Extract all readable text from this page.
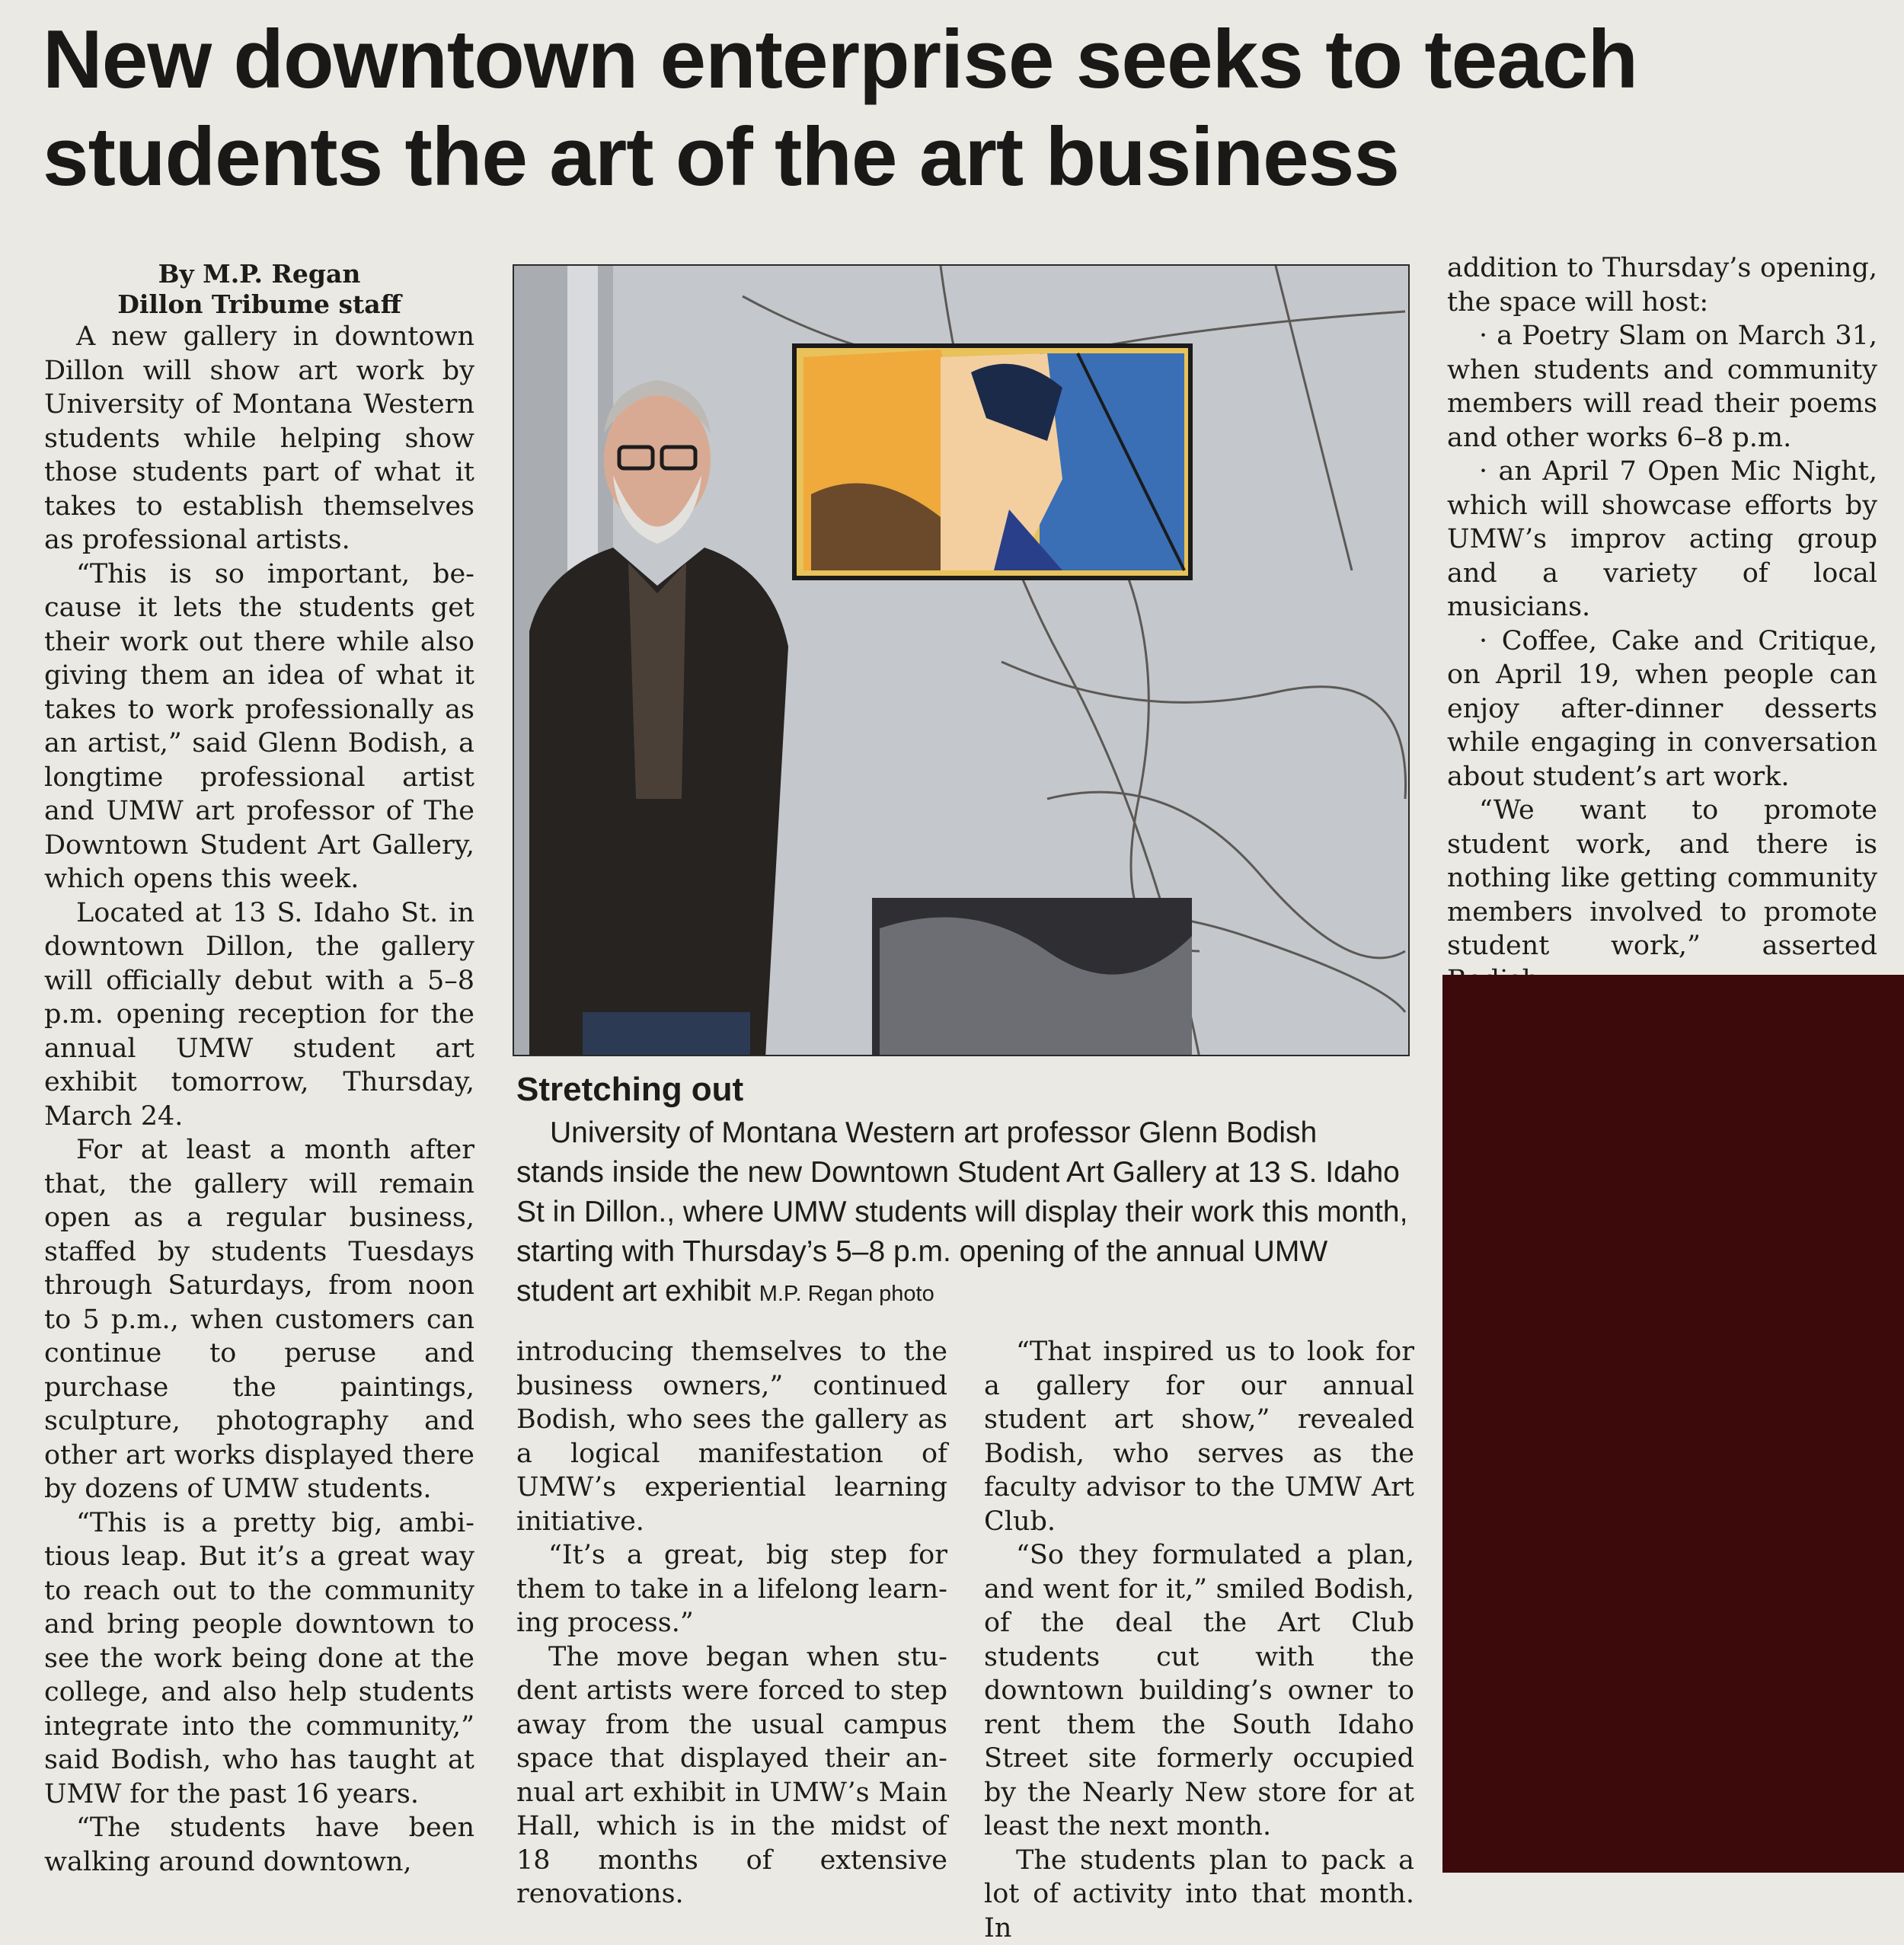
New downtown enterprise seeks to teach students the art of the art business

By M.P. Regan

Dillon Tribume staff

A new gallery in downtown Dillon will show art work by University of Montana Western students while helping show those students part of what it takes to establish themselves as professional artists.

“This is so important, because it lets the students get their work out there while also giving them an idea of what it takes to work professionally as an artist,” said Glenn Bodish, a longtime professional artist and UMW art professor of The Downtown Student Art Gallery, which opens this week.

Located at 13 S. Idaho St. in downtown Dillon, the gallery will officially debut with a 5–8 p.m. opening reception for the annual UMW student art exhibit tomorrow, Thursday, March 24.

For at least a month after that, the gallery will remain open as a regular business, staffed by students Tuesdays through Saturdays, from noon to 5 p.m., when customers can continue to peruse and purchase the paintings, sculpture, photography and other art works displayed there by dozens of UMW students.

“This is a pretty big, ambitious leap. But it’s a great way to reach out to the community and bring people downtown to see the work being done at the college, and also help students integrate into the community,” said Bodish, who has taught at UMW for the past 16 years.

“The students have been walking around downtown,

Stretching out
University of Montana Western art professor Glenn Bodish stands inside the new Downtown Student Art Gallery at 13 S. Idaho St in Dillon., where UMW students will display their work this month, starting with Thursday’s 5–8 p.m. opening of the annual UMW student art exhibit M.P. Regan photo

introducing themselves to the business owners,” continued Bodish, who sees the gallery as a logical manifestation of UMW’s experiential learning initiative.

“It’s a great, big step for them to take in a lifelong learning process.”

The move began when student artists were forced to step away from the usual campus space that displayed their annual art exhibit in UMW’s Main Hall, which is in the midst of 18 months of extensive renovations.

“That inspired us to look for a gallery for our annual student art show,” revealed Bodish, who serves as the faculty advisor to the UMW Art Club.

“So they formulated a plan, and went for it,” smiled Bodish, of the deal the Art Club students cut with the downtown building’s owner to rent them the South Idaho Street site formerly occupied by the Nearly New store for at least the next month.

The students plan to pack a lot of activity into that month. In

addition to Thursday’s opening, the space will host:

· a Poetry Slam on March 31, when students and community members will read their poems and other works 6–8 p.m.

· an April 7 Open Mic Night, which will showcase efforts by UMW’s improv acting group and a variety of local musicians.

· Coffee, Cake and Critique, on April 19, when people can enjoy after-dinner desserts while engaging in conversation about student’s art work.

“We want to promote student work, and there is nothing like getting community members involved to promote student work,” asserted
